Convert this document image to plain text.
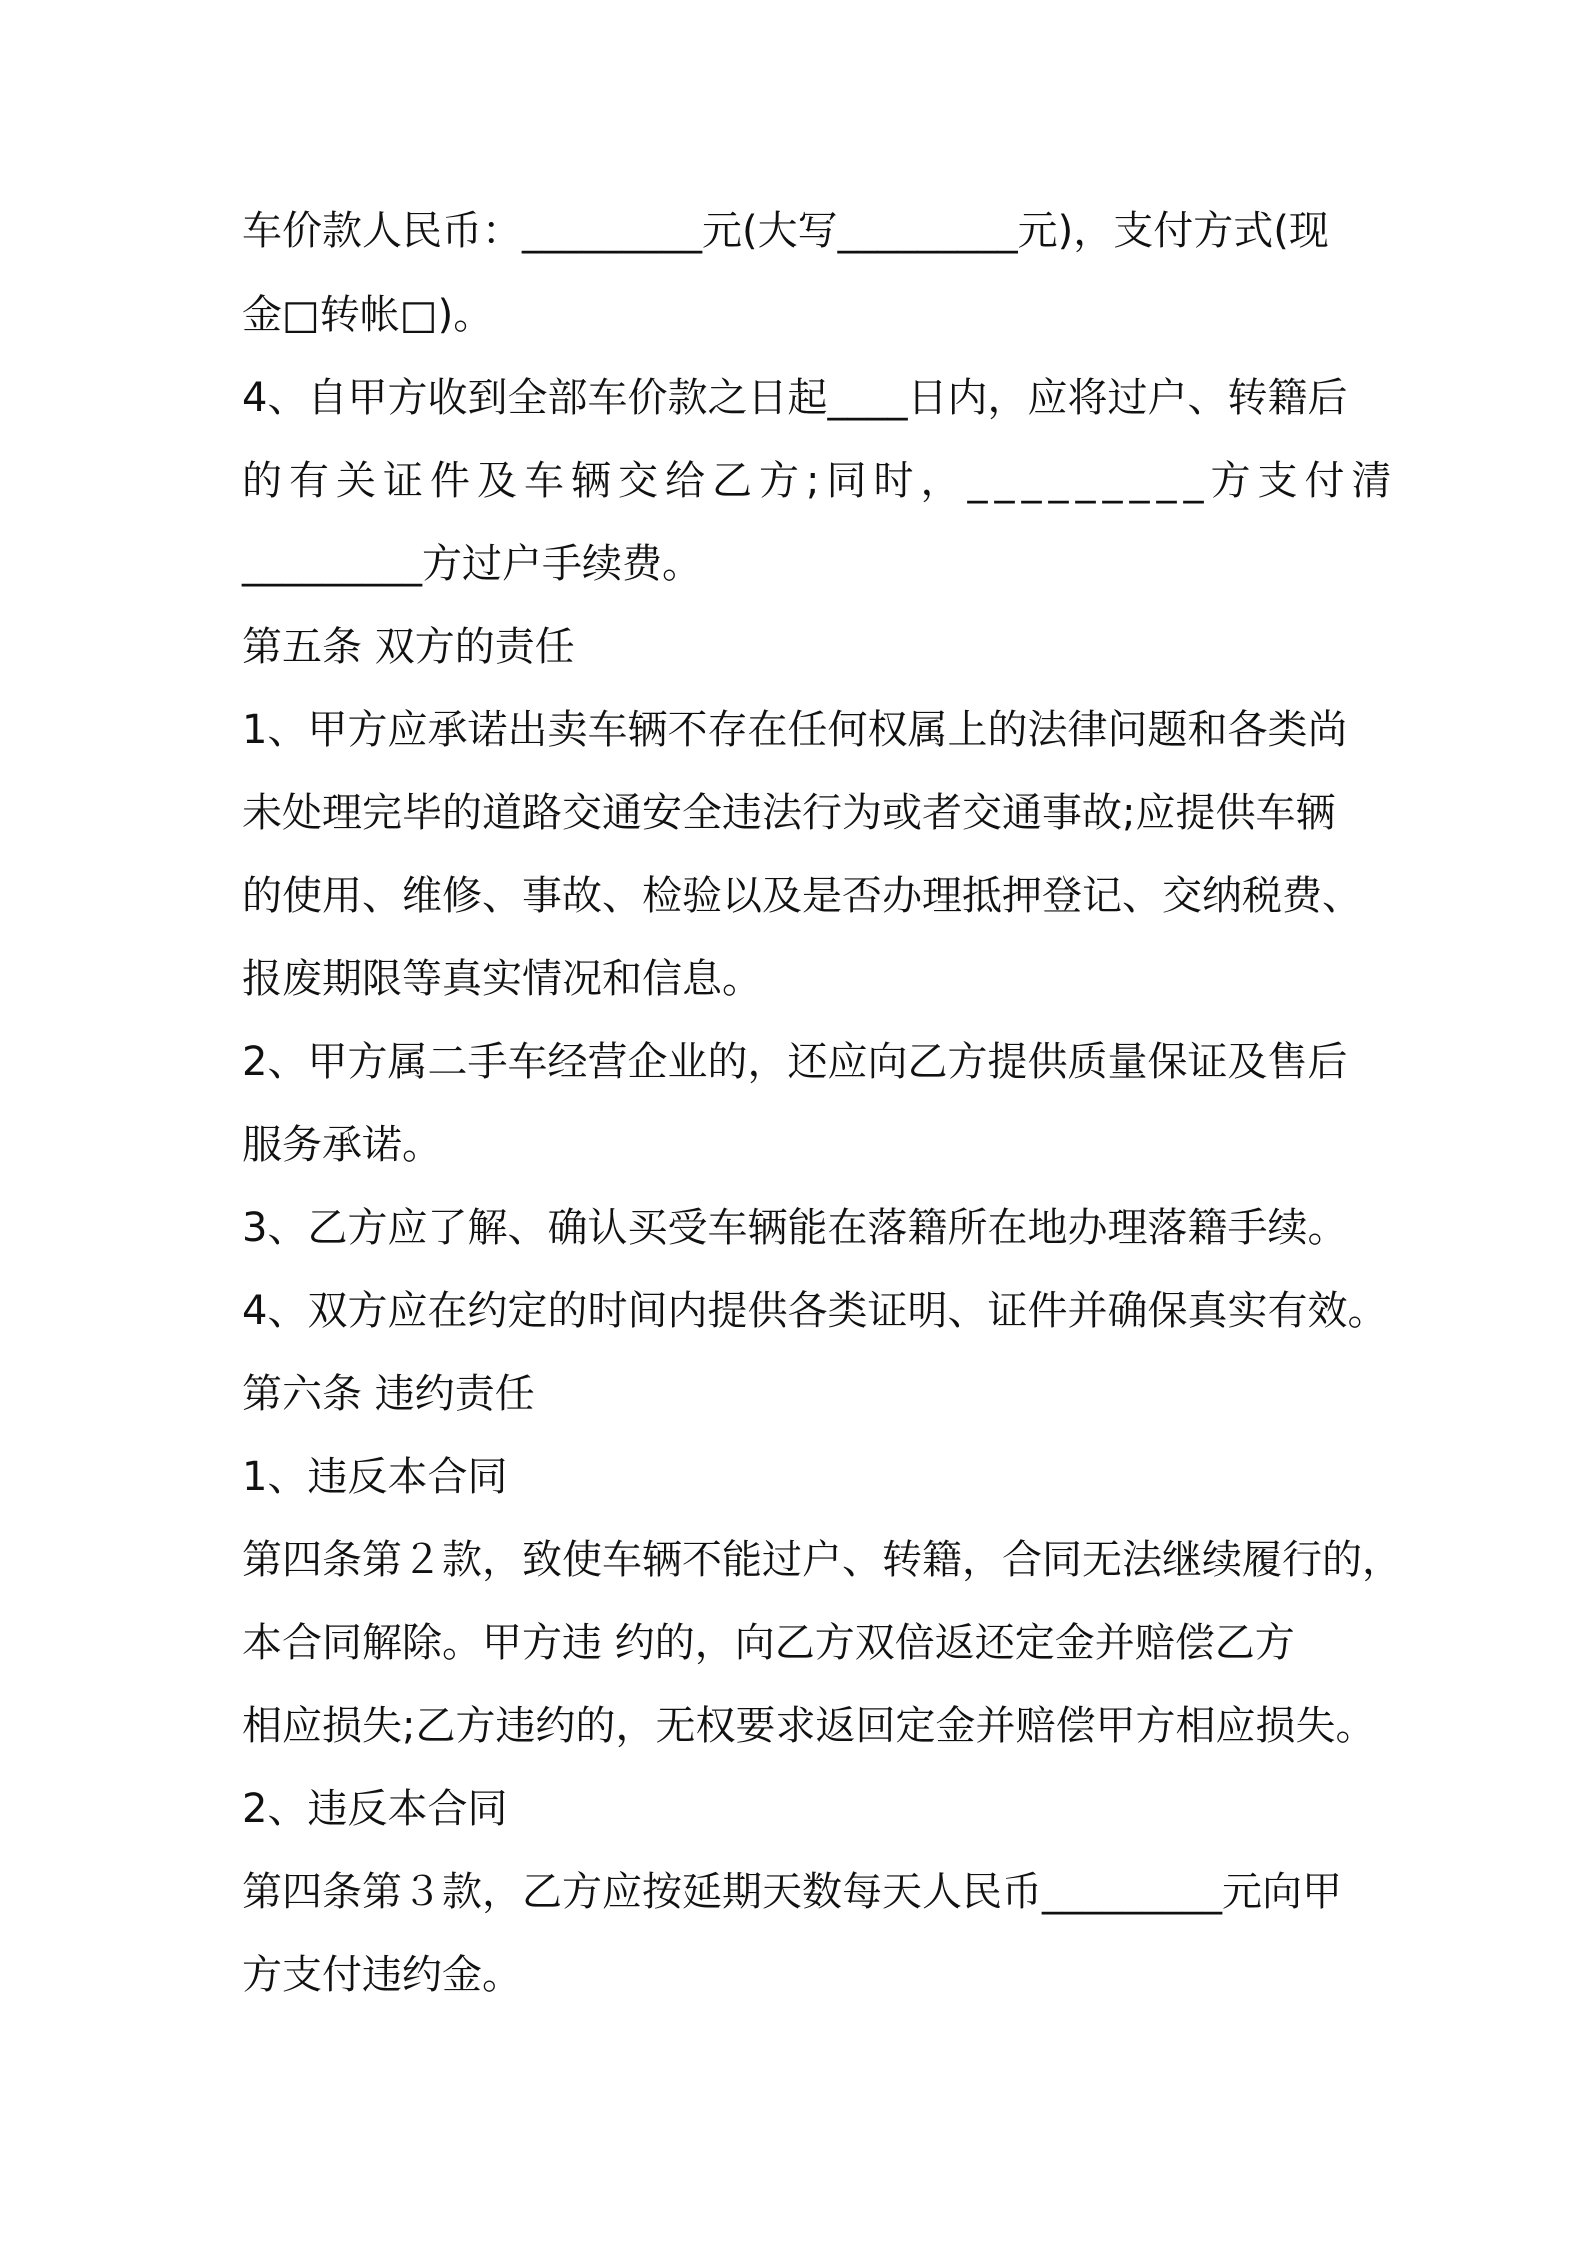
车价款人民币：_________元(大写_________元)，支付方式(现
金□转帐□)。
4、自甲方收到全部车价款之日起____日内，应将过户、转籍后
的有关证件及车辆交给乙方;同时，_________方支付清
_________方过户手续费。
第五条 双方的责任
1、甲方应承诺出卖车辆不存在任何权属上的法律问题和各类尚
未处理完毕的道路交通安全违法行为或者交通事故;应提供车辆
的使用、维修、事故、检验以及是否办理抵押登记、交纳税费、
报废期限等真实情况和信息。
2、甲方属二手车经营企业的，还应向乙方提供质量保证及售后
服务承诺。
3、乙方应了解、确认买受车辆能在落籍所在地办理落籍手续。
4、双方应在约定的时间内提供各类证明、证件并确保真实有效。
第六条 违约责任
1、违反本合同
第四条第２款，致使车辆不能过户、转籍，合同无法继续履行的，
本合同解除。甲方违 约的，向乙方双倍返还定金并赔偿乙方
相应损失;乙方违约的，无权要求返回定金并赔偿甲方相应损失。
2、违反本合同
第四条第３款，乙方应按延期天数每天人民币_________元向甲
方支付违约金。
